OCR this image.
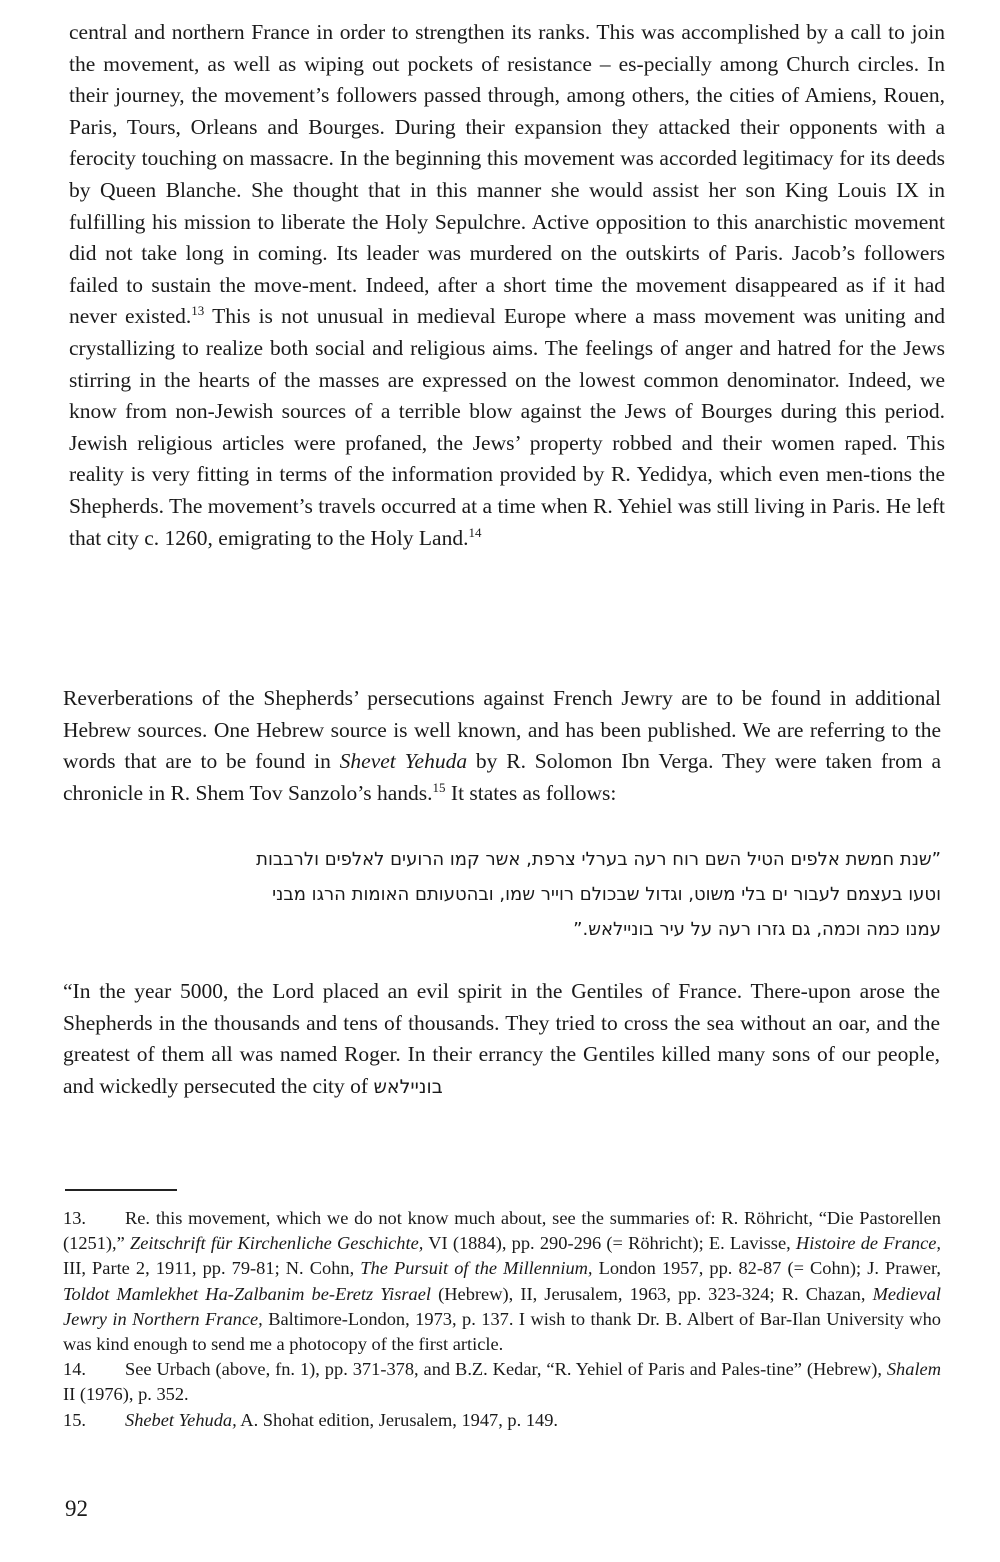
central and northern France in order to strengthen its ranks. This was accomplished by a call to join the movement, as well as wiping out pockets of resistance – es-pecially among Church circles. In their journey, the movement’s followers passed through, among others, the cities of Amiens, Rouen, Paris, Tours, Orleans and Bourges. During their expansion they attacked their opponents with a ferocity touching on massacre. In the beginning this movement was accorded legitimacy for its deeds by Queen Blanche. She thought that in this manner she would assist her son King Louis IX in fulfilling his mission to liberate the Holy Sepulchre. Active opposition to this anarchistic movement did not take long in coming. Its leader was murdered on the outskirts of Paris. Jacob’s followers failed to sustain the move-ment. Indeed, after a short time the movement disappeared as if it had never existed.$^{13}$ This is not unusual in medieval Europe where a mass movement was uniting and crystallizing to realize both social and religious aims. The feelings of anger and hatred for the Jews stirring in the hearts of the masses are expressed on the lowest common denominator. Indeed, we know from non-Jewish sources of a terrible blow against the Jews of Bourges during this period. Jewish religious articles were profaned, the Jews’ property robbed and their women raped. This reality is very fitting in terms of the information provided by R. Yedidya, which even men-tions the Shepherds. The movement’s travels occurred at a time when R. Yehiel was still living in Paris. He left that city c. 1260, emigrating to the Holy Land.$^{14}$

Reverberations of the Shepherds’ persecutions against French Jewry are to be found in additional Hebrew sources. One Hebrew source is well known, and has been published. We are referring to the words that are to be found in Shevet Yehuda by R. Solomon Ibn Verga. They were taken from a chronicle in R. Shem Tov Sanzolo’s hands.$^{15}$ It states as follows:

”שנת חמשת אלפים הטיל השם רוח רעה בערלי צרפת, אשר קמו הרועים לאלפים ולרבבות
וטעו בעצמם לעבור ים בלי משוט, וגדול שבכולם רוייר שמו, ובהטעותם האומות הרגו מבני
עמנו כמה וכמה, גם גזרו רעה על עיר בוניילאש.”

“In the year 5000, the Lord placed an evil spirit in the Gentiles of France. There-upon arose the Shepherds in the thousands and tens of thousands. They tried to cross the sea without an oar, and the greatest of them all was named Roger. In their errancy the Gentiles killed many sons of our people, and wickedly persecuted the city of בוניילאש

13. Re. this movement, which we do not know much about, see the summaries of: R. Röhricht, “Die Pastorellen (1251),” Zeitschrift für Kirchenliche Geschichte, VI (1884), pp. 290-296 (= Röhricht); E. Lavisse, Histoire de France, III, Parte 2, 1911, pp. 79-81; N. Cohn, The Pursuit of the Millennium, London 1957, pp. 82-87 (= Cohn); J. Prawer, Toldot Mamlekhet Ha-Zalbanim be-Eretz Yisrael (Hebrew), II, Jerusalem, 1963, pp. 323-324; R. Chazan, Medieval Jewry in Northern France, Baltimore-London, 1973, p. 137. I wish to thank Dr. B. Albert of Bar-Ilan University who was kind enough to send me a photocopy of the first article.

14. See Urbach (above, fn. 1), pp. 371-378, and B.Z. Kedar, “R. Yehiel of Paris and Pales-tine” (Hebrew), Shalem II (1976), p. 352.

15. Shebet Yehuda, A. Shohat edition, Jerusalem, 1947, p. 149.

92
